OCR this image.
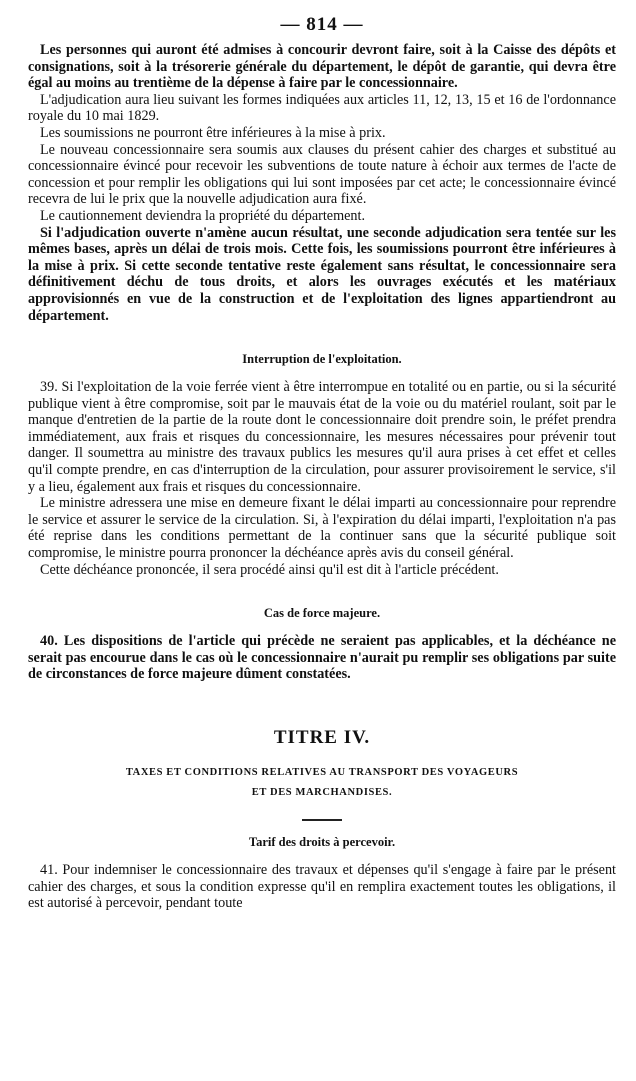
— 814 —

Les personnes qui auront été admises à concourir devront faire, soit à la Caisse des dépôts et consignations, soit à la trésorerie générale du département, le dépôt de garantie, qui devra être égal au moins au trentième de la dépense à faire par le concessionnaire.

L'adjudication aura lieu suivant les formes indiquées aux articles 11, 12, 13, 15 et 16 de l'ordonnance royale du 10 mai 1829.

Les soumissions ne pourront être inférieures à la mise à prix.

Le nouveau concessionnaire sera soumis aux clauses du présent cahier des charges et substitué au concessionnaire évincé pour recevoir les subventions de toute nature à échoir aux termes de l'acte de concession et pour remplir les obligations qui lui sont imposées par cet acte; le concessionnaire évincé recevra de lui le prix que la nouvelle adjudication aura fixé.

Le cautionnement deviendra la propriété du département.

Si l'adjudication ouverte n'amène aucun résultat, une seconde adjudication sera tentée sur les mêmes bases, après un délai de trois mois. Cette fois, les soumissions pourront être inférieures à la mise à prix. Si cette seconde tentative reste également sans résultat, le concessionnaire sera définitivement déchu de tous droits, et alors les ouvrages exécutés et les matériaux approvisionnés en vue de la construction et de l'exploitation des lignes appartiendront au département.

Interruption de l'exploitation.

39. Si l'exploitation de la voie ferrée vient à être interrompue en totalité ou en partie, ou si la sécurité publique vient à être compromise, soit par le mauvais état de la voie ou du matériel roulant, soit par le manque d'entretien de la partie de la route dont le concessionnaire doit prendre soin, le préfet prendra immédiatement, aux frais et risques du concessionnaire, les mesures nécessaires pour prévenir tout danger. Il soumettra au ministre des travaux publics les mesures qu'il aura prises à cet effet et celles qu'il compte prendre, en cas d'interruption de la circulation, pour assurer provisoirement le service, s'il y a lieu, également aux frais et risques du concessionnaire.

Le ministre adressera une mise en demeure fixant le délai imparti au concessionnaire pour reprendre le service et assurer le service de la circulation. Si, à l'expiration du délai imparti, l'exploitation n'a pas été reprise dans les conditions permettant de la continuer sans que la sécurité publique soit compromise, le ministre pourra prononcer la déchéance après avis du conseil général.

Cette déchéance prononcée, il sera procédé ainsi qu'il est dit à l'article précédent.

Cas de force majeure.

40. Les dispositions de l'article qui précède ne seraient pas applicables, et la déchéance ne serait pas encourue dans le cas où le concessionnaire n'aurait pu remplir ses obligations par suite de circonstances de force majeure dûment constatées.

TITRE IV.
TAXES ET CONDITIONS RELATIVES AU TRANSPORT DES VOYAGEURS
ET DES MARCHANDISES.
Tarif des droits à percevoir.

41. Pour indemniser le concessionnaire des travaux et dépenses qu'il s'engage à faire par le présent cahier des charges, et sous la condition expresse qu'il en remplira exactement toutes les obligations, il est autorisé à percevoir, pendant toute
